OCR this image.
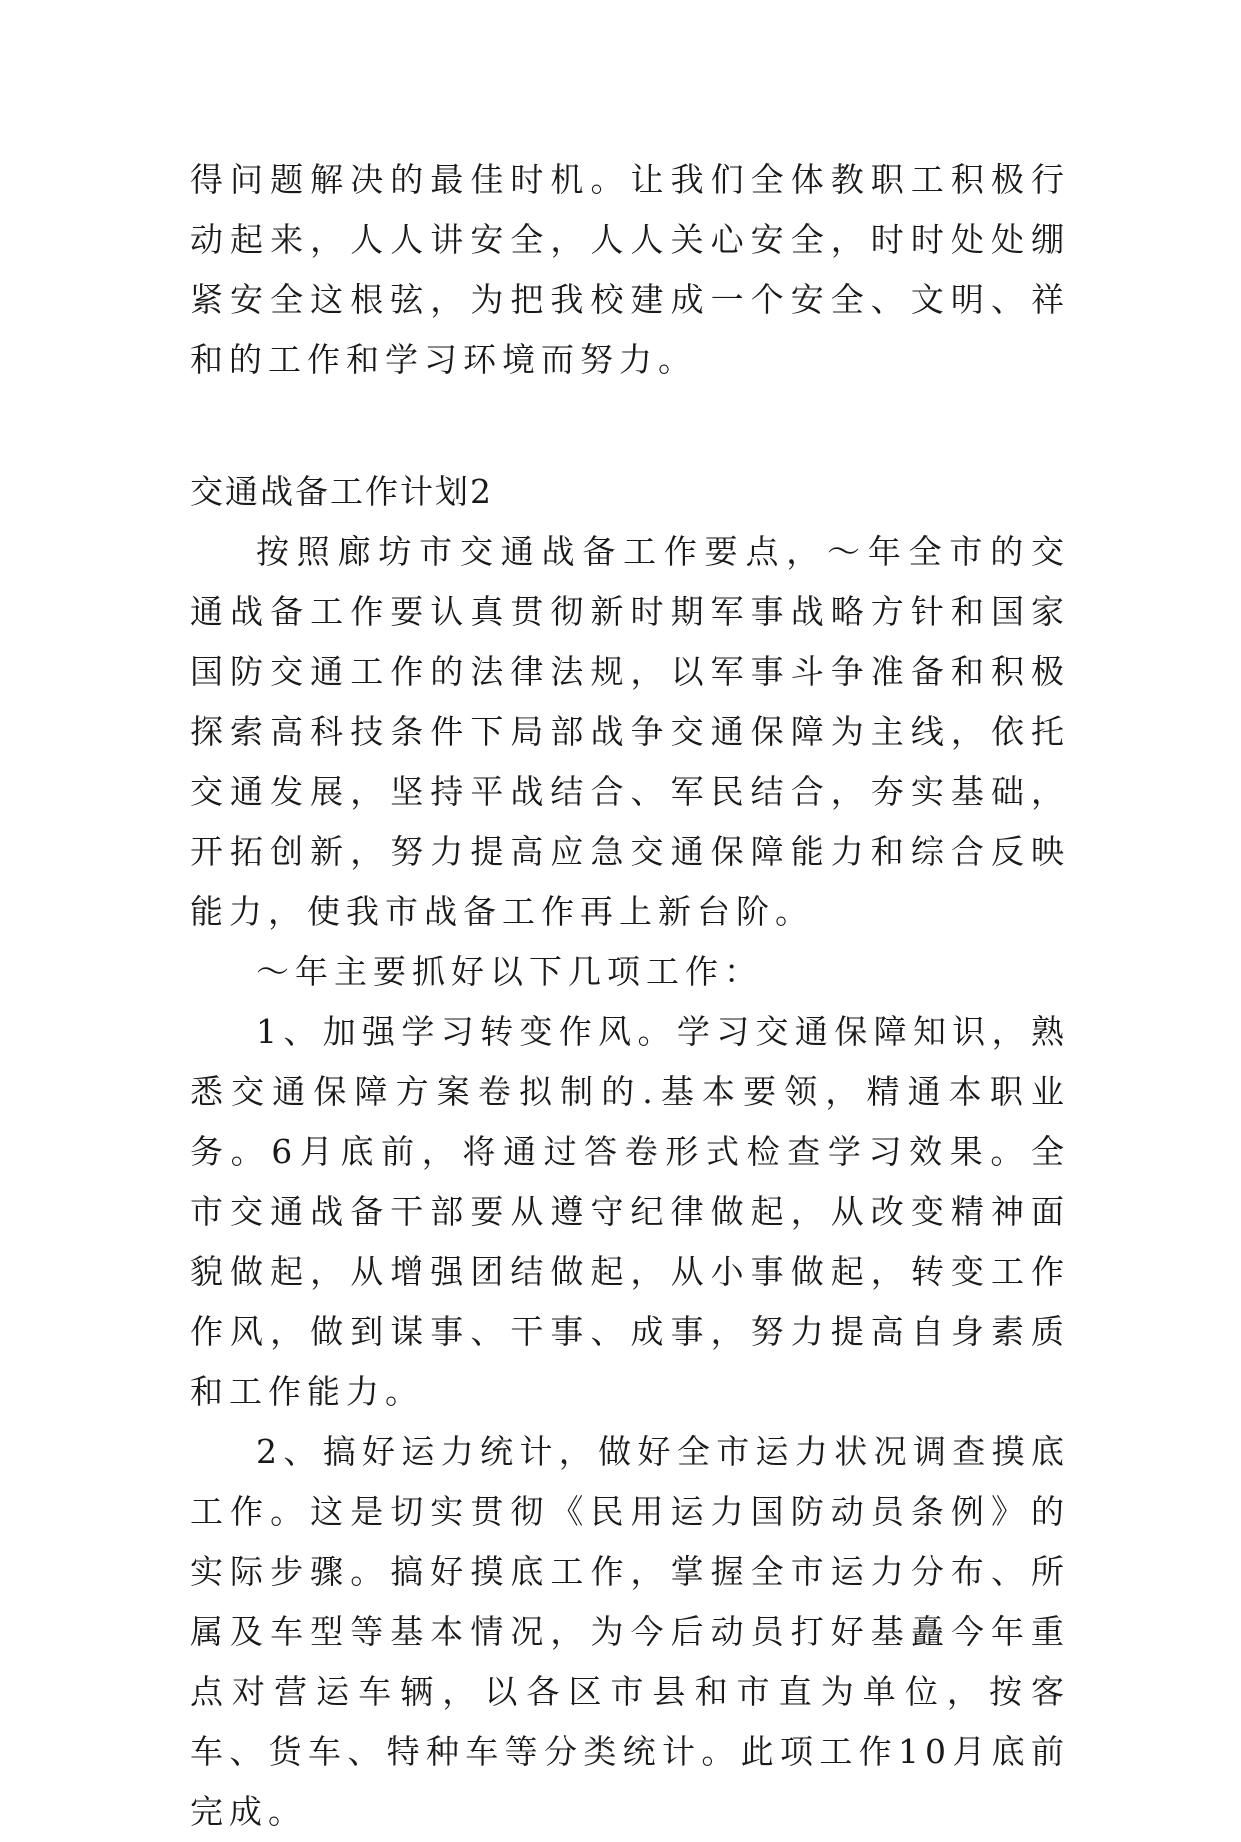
得问题解决的最佳时机。让我们全体教职工积极行动起来，人人讲安全，人人关心安全，时时处处绷紧安全这根弦，为把我校建成一个安全、文明、祥和的工作和学习环境而努力。

交通战备工作计划2

按照廊坊市交通战备工作要点，～年全市的交通战备工作要认真贯彻新时期军事战略方针和国家国防交通工作的法律法规，以军事斗争准备和积极探索高科技条件下局部战争交通保障为主线，依托交通发展，坚持平战结合、军民结合，夯实基础，开拓创新，努力提高应急交通保障能力和综合反映能力，使我市战备工作再上新台阶。

～年主要抓好以下几项工作：

1、加强学习转变作风。学习交通保障知识，熟悉交通保障方案卷拟制的.基本要领，精通本职业务。6月底前，将通过答卷形式检查学习效果。全市交通战备干部要从遵守纪律做起，从改变精神面貌做起，从增强团结做起，从小事做起，转变工作作风，做到谋事、干事、成事，努力提高自身素质和工作能力。

2、搞好运力统计，做好全市运力状况调查摸底工作。这是切实贯彻《民用运力国防动员条例》的实际步骤。搞好摸底工作，掌握全市运力分布、所属及车型等基本情况，为今后动员打好基矗今年重点对营运车辆，以各区市县和市直为单位，按客车、货车、特种车等分类统计。此项工作10月底前完成。
